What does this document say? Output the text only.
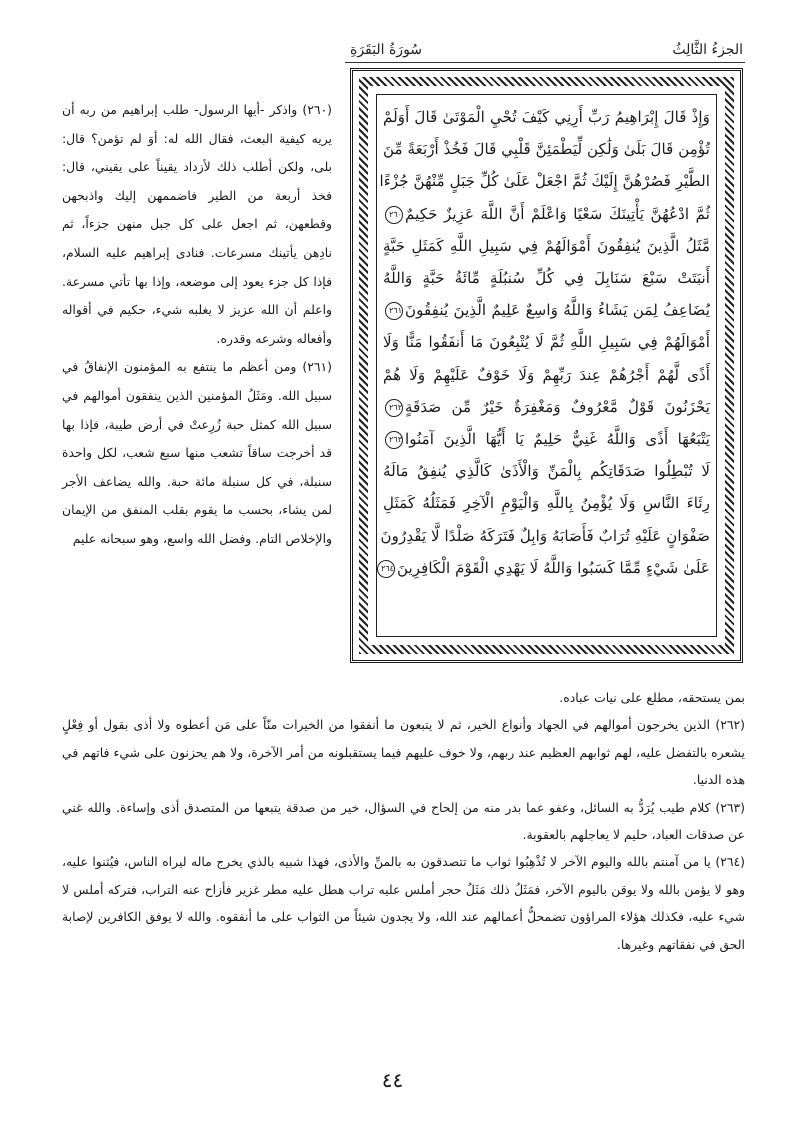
الجزءُ الثَّالِثُ
سُورَةُ البَقَرَةِ
وَإِذْ قَالَ إِبْرَاهِيمُ رَبِّ أَرِنِي كَيْفَ تُحْيِ الْمَوْتَىٰ قَالَ أَوَلَمْ
تُؤْمِن قَالَ بَلَىٰ وَلَٰكِن لِّيَطْمَئِنَّ قَلْبِي قَالَ فَخُذْ أَرْبَعَةً مِّنَ
الطَّيْرِ فَصُرْهُنَّ إِلَيْكَ ثُمَّ اجْعَلْ عَلَىٰ كُلِّ جَبَلٍ مِّنْهُنَّ جُزْءًا
ثُمَّ ادْعُهُنَّ يَأْتِينَكَ سَعْيًا وَاعْلَمْ أَنَّ اللَّهَ عَزِيزٌ حَكِيمٌ٢٦٠
مَّثَلُ الَّذِينَ يُنفِقُونَ أَمْوَالَهُمْ فِي سَبِيلِ اللَّهِ كَمَثَلِ حَبَّةٍ
أَنبَتَتْ سَبْعَ سَنَابِلَ فِي كُلِّ سُنبُلَةٍ مِّائَةُ حَبَّةٍ وَاللَّهُ
يُضَاعِفُ لِمَن يَشَاءُ وَاللَّهُ وَاسِعٌ عَلِيمٌ الَّذِينَ يُنفِقُونَ٢٦١
أَمْوَالَهُمْ فِي سَبِيلِ اللَّهِ ثُمَّ لَا يُتْبِعُونَ مَا أَنفَقُوا مَنًّا وَلَا
أَذًى لَّهُمْ أَجْرُهُمْ عِندَ رَبِّهِمْ وَلَا خَوْفٌ عَلَيْهِمْ وَلَا هُمْ
يَحْزَنُونَ قَوْلٌ مَّعْرُوفٌ وَمَغْفِرَةٌ خَيْرٌ مِّن صَدَقَةٍ٢٦٢
يَتْبَعُهَا أَذًى وَاللَّهُ غَنِيٌّ حَلِيمٌ يَا أَيُّهَا الَّذِينَ آمَنُوا٢٦٣
لَا تُبْطِلُوا صَدَقَاتِكُم بِالْمَنِّ وَالْأَذَىٰ كَالَّذِي يُنفِقُ مَالَهُ
رِئَاءَ النَّاسِ وَلَا يُؤْمِنُ بِاللَّهِ وَالْيَوْمِ الْآخِرِ فَمَثَلُهُ كَمَثَلِ
صَفْوَانٍ عَلَيْهِ تُرَابٌ فَأَصَابَهُ وَابِلٌ فَتَرَكَهُ صَلْدًا لَّا يَقْدِرُونَ
عَلَىٰ شَيْءٍ مِّمَّا كَسَبُوا وَاللَّهُ لَا يَهْدِي الْقَوْمَ الْكَافِرِينَ٢٦٤

(٢٦٠) واذكر -أيها الرسول- طلب إبراهيم من ربه أن يريه كيفية البعث، فقال الله له: أوَ لم تؤمن؟ قال: بلى، ولكن أطلب ذلك لأزداد يقيناً على يقيني، قال: فخذ أربعة من الطير فاضممهن إليك واذبحهن وقطعهن، ثم اجعل على كل جبل منهن جزءاً، ثم نادِهن يأتينك مسرعات. فنادى إبراهيم عليه السلام، فإذا كل جزء يعود إلى موضعه، وإذا بها تأتي مسرعة. واعلم أن الله عزيز لا يغلبه شيء، حكيم في أقواله وأفعاله وشرعه وقدره.

(٢٦١) ومن أعظم ما ينتفع به المؤمنون الإنفاقُ في سبيل الله. ومَثَلُ المؤمنين الذين ينفقون أموالهم في سبيل الله كمثل حبة زُرِعتْ في أرض طيبة، فإذا بها قد أخرجت ساقاً تشعب منها سبع شعب، لكل واحدة سنبلة، في كل سنبلة مائة حبة. والله يضاعف الأجر لمن يشاء، بحسب ما يقوم بقلب المنفق من الإيمان والإخلاص التام. وفضل الله واسع، وهو سبحانه عليم

بمن يستحقه، مطلع على نيات عباده.

(٢٦٢) الذين يخرجون أموالهم في الجهاد وأنواع الخير، ثم لا يتبعون ما أنفقوا من الخيرات منّاً على مَن أعطوه ولا أذى بقول أو فِعْلٍ يشعره بالتفضل عليه، لهم ثوابهم العظيم عند ربهم، ولا خوف عليهم فيما يستقبلونه من أمر الآخرة، ولا هم يحزنون على شيء فاتهم في هذه الدنيا.

(٢٦٣) كلام طيب يُرَدُّ به السائل، وعفو عما بدر منه من إلحاح في السؤال، خير من صدقة يتبعها من المتصدق أذى وإساءة. والله غني عن صدقات العباد، حليم لا يعاجلهم بالعقوبة.

(٢٦٤) يا من آمنتم بالله واليوم الآخر لا تُذْهِبُوا ثواب ما تتصدقون به بالمنِّ والأذى، فهذا شبيه بالذي يخرج ماله ليراه الناس، فيُثنوا عليه، وهو لا يؤمن بالله ولا يوقن باليوم الآخر، فمَثَلُ ذلك مَثَلُ حجر أملس عليه تراب هطل عليه مطر غزير فأزاح عنه التراب، فتركه أملس لا شيء عليه، فكذلك هؤلاء المراؤون تضمحلُّ أعمالهم عند الله، ولا يجدون شيئاً من الثواب على ما أنفقوه. والله لا يوفق الكافرين لإصابة الحق في نفقاتهم وغيرها.

٤٤
